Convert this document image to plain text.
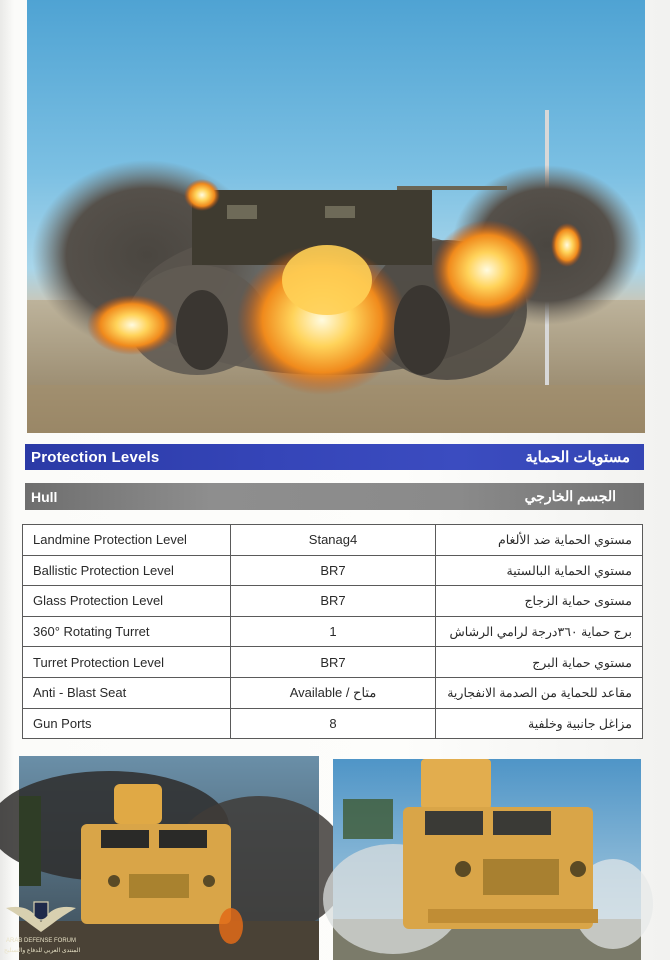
Protection Levels	مستويات الحماية
Hull	الجسم الخارجي
Landmine Protection Level	Stanag4	مستوي الحماية ضد الألغام
Ballistic Protection Level	BR7	مستوي الحماية البالستية
Glass Protection Level	BR7	مستوى حماية الزجاج
360° Rotating Turret	1	برج حماية ٣٦٠درجة لرامي الرشاش
Turret Protection Level	BR7	مستوي حماية البرج
Anti - Blast Seat	Available / متاح	مقاعد للحماية من الصدمة الانفجارية
Gun Ports	8	مزاغل جانبية وخلفية
ARAB DEFENSE FORUM
المنتدى العربي للدفاع والتسليح
